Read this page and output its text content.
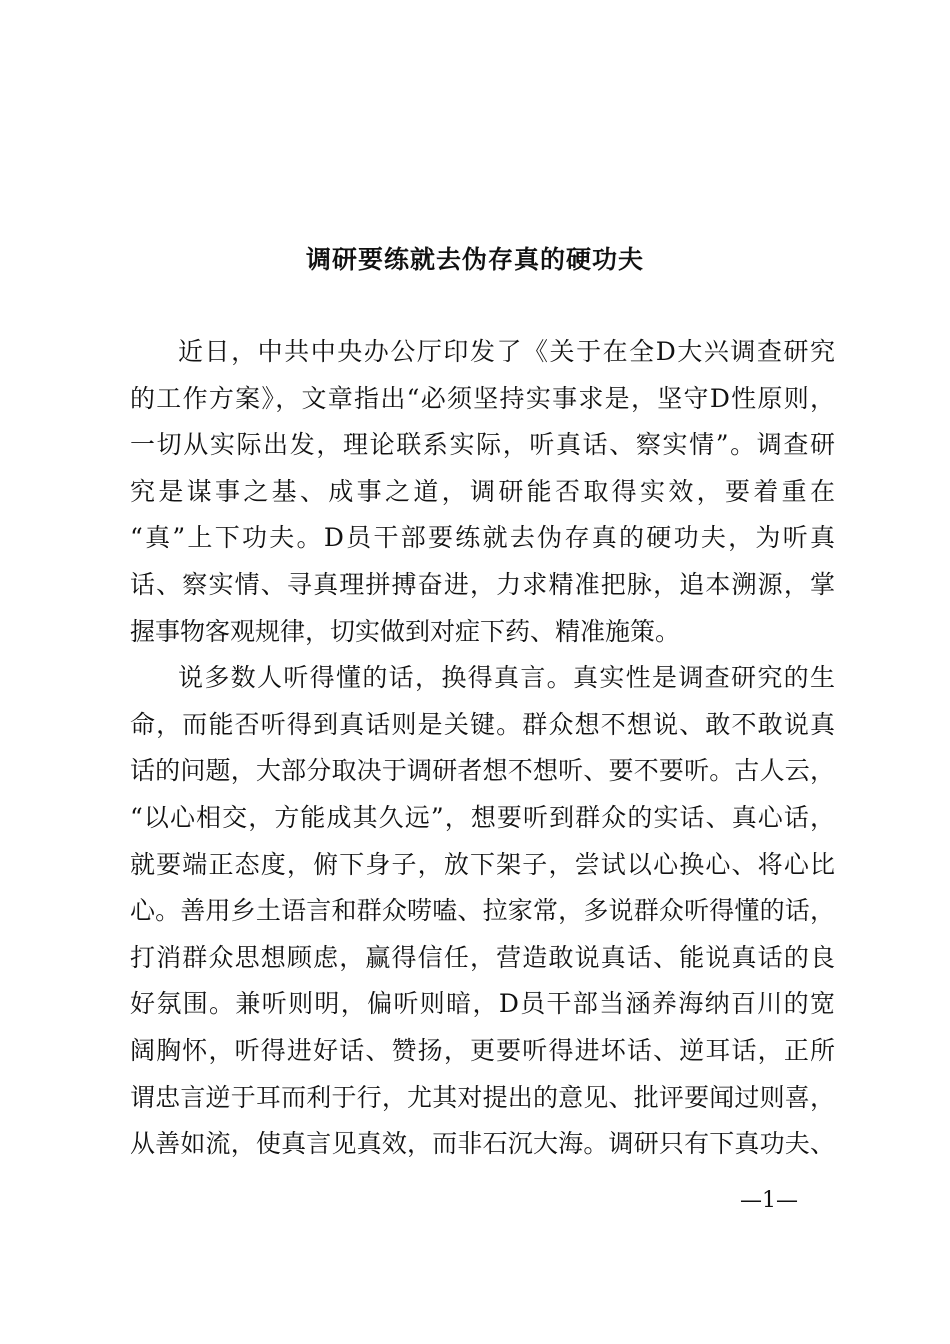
调研要练就去伪存真的硬功夫
近日，中共中央办公厅印发了《关于在全D大兴调查研究
的工作方案》，文章指出“必须坚持实事求是，坚守D性原则，
一切从实际出发，理论联系实际，听真话、察实情”。调查研
究是谋事之基、成事之道，调研能否取得实效，要着重在
“真”上下功夫。D员干部要练就去伪存真的硬功夫，为听真
话、察实情、寻真理拼搏奋进，力求精准把脉，追本溯源，掌
握事物客观规律，切实做到对症下药、精准施策。
说多数人听得懂的话，换得真言。真实性是调查研究的生
命，而能否听得到真话则是关键。群众想不想说、敢不敢说真
话的问题，大部分取决于调研者想不想听、要不要听。古人云，
“以心相交，方能成其久远”，想要听到群众的实话、真心话，
就要端正态度，俯下身子，放下架子，尝试以心换心、将心比
心。善用乡土语言和群众唠嗑、拉家常，多说群众听得懂的话，
打消群众思想顾虑，赢得信任，营造敢说真话、能说真话的良
好氛围。兼听则明，偏听则暗，D员干部当涵养海纳百川的宽
阔胸怀，听得进好话、赞扬，更要听得进坏话、逆耳话，正所
谓忠言逆于耳而利于行，尤其对提出的意见、批评要闻过则喜，
从善如流，使真言见真效，而非石沉大海。调研只有下真功夫、
—1—
